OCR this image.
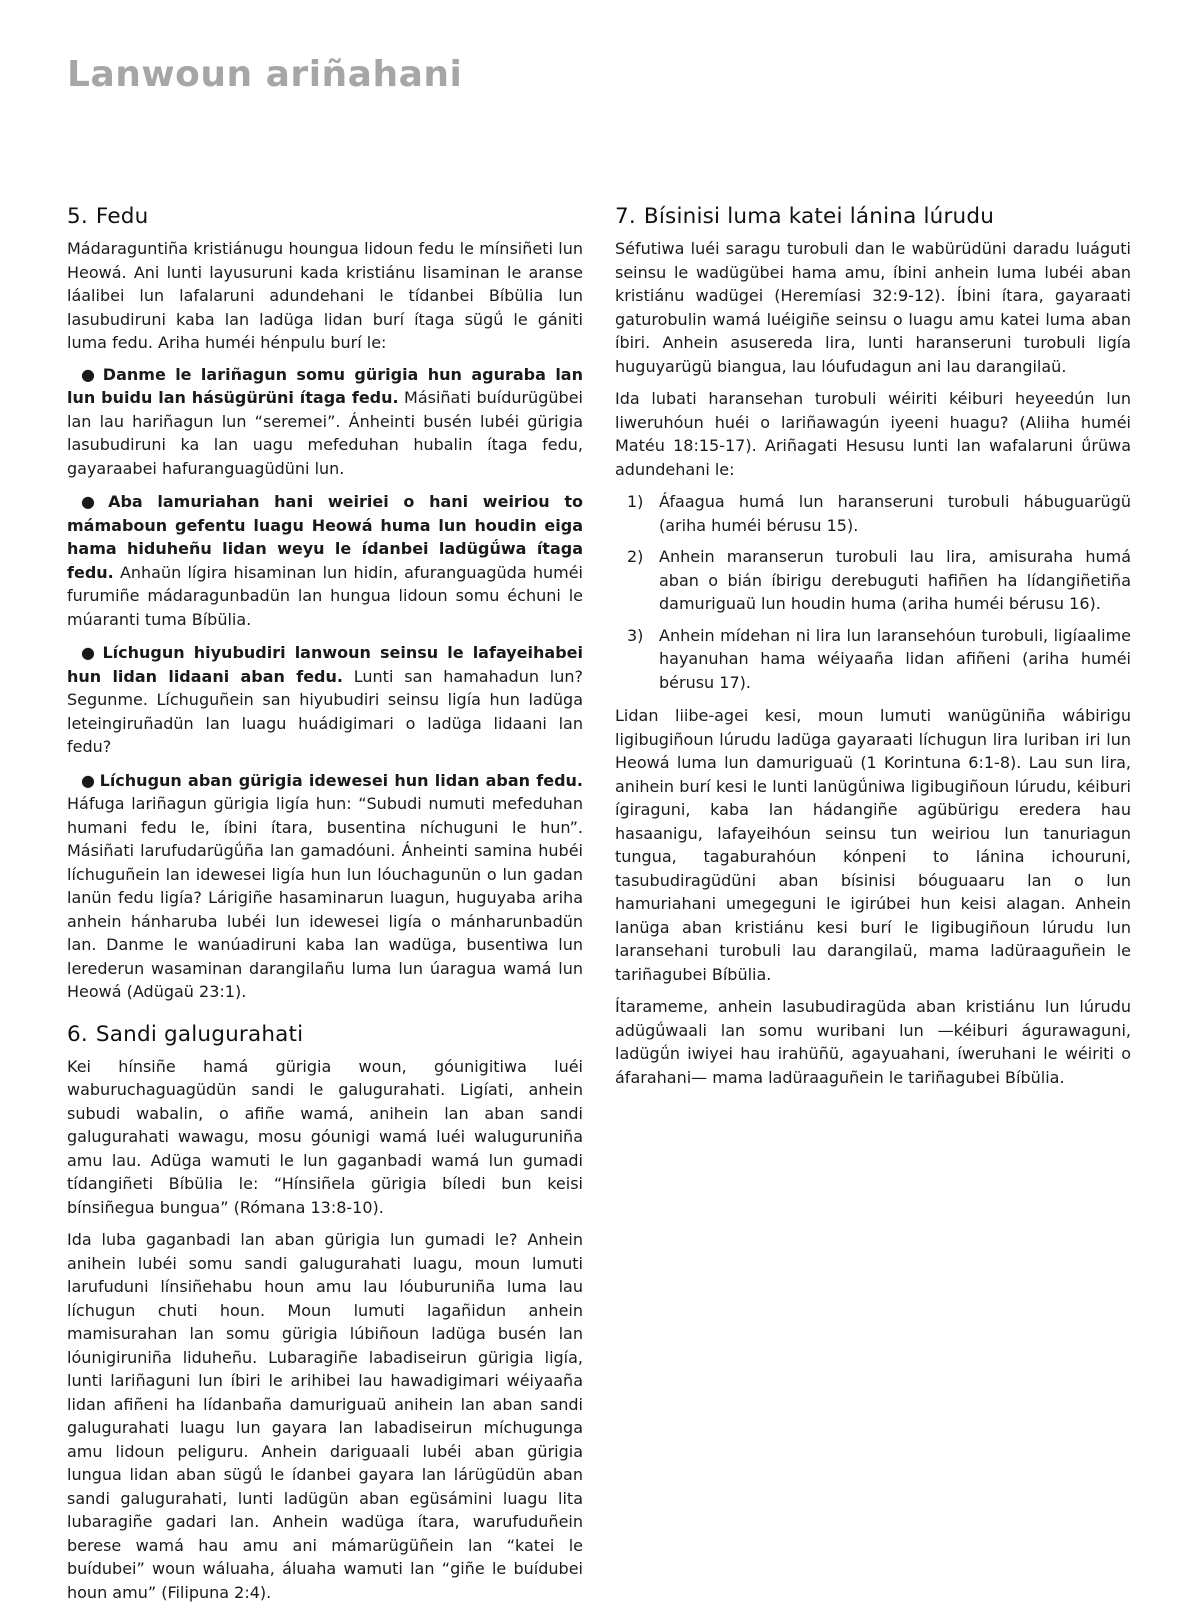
Lanwoun ariñahani
5. Fedu

Mádaraguntiña kristiánugu houngua lidoun fedu le mínsiñeti lun Heowá. Ani lunti layusuruni kada kristiánu lisaminan le aranse láalibei lun lafalaruni adundehani le tídanbei Bíbülia lun lasubudiruni kaba lan ladüga lidan burí ítaga sügǘ le gániti luma fedu. Ariha huméi hénpulu burí le:

● Danme le lariñagun somu gürigia hun aguraba lan lun buidu lan hásügürüni ítaga fedu. Másiñati buídurügübei lan lau hariñagun lun “seremei”. Ánheinti busén lubéi gürigia lasubudiruni ka lan uagu mefeduhan hubalin ítaga fedu, gayaraabei hafuranguagüdüni lun.
● Aba lamuriahan hani weiriei o hani weiriou to mámaboun gefentu luagu Heowá huma lun houdin eiga hama hiduheñu lidan weyu le ídanbei ladügǘwa ítaga fedu. Anhaün lígira hisaminan lun hidin, afuranguagüda huméi furumiñe mádaragunbadün lan hungua lidoun somu échuni le múaranti tuma Bíbülia.
● Líchugun hiyubudiri lanwoun seinsu le lafayeihabei hun lidan lidaani aban fedu. Lunti san hamahadun lun? Segunme. Líchuguñein san hiyubudiri seinsu ligía hun ladüga leteingiruñadün lan luagu huádigimari o ladüga lidaani lan fedu?
● Líchugun aban gürigia idewesei hun lidan aban fedu. Háfuga lariñagun gürigia ligía hun: “Subudi numuti mefeduhan humani fedu le, íbini ítara, busentina níchuguni le hun”. Másiñati larufudarügǘña lan gamadóuni. Ánheinti samina hubéi líchuguñein lan idewesei ligía hun lun lóuchagunün o lun gadan lanün fedu ligía? Lárigiñe hasaminarun luagun, huguyaba ariha anhein hánharuba lubéi lun idewesei ligía o mánharunbadün lan. Danme le wanúadiruni kaba lan wadüga, busentiwa lun lerederun wasaminan darangilañu luma lun úaragua wamá lun Heowá (Adügaü 23:1).
6. Sandi galugurahati

Kei hínsiñe hamá gürigia woun, góunigitiwa luéi waburuchaguagüdün sandi le galugurahati. Ligíati, anhein subudi wabalin, o afiñe wamá, anihein lan aban sandi galugurahati wawagu, mosu góunigi wamá luéi waluguruniña amu lau. Adüga wamuti le lun gaganbadi wamá lun gumadi tídangiñeti Bíbülia le: “Hínsiñela gürigia bíledi bun keisi bínsiñegua bungua” (Rómana 13:8-10).

Ida luba gaganbadi lan aban gürigia lun gumadi le? Anhein anihein lubéi somu sandi galugurahati luagu, moun lumuti larufuduni línsiñehabu houn amu lau lóuburuniña luma lau líchugun chuti houn. Moun lumuti lagañidun anhein mamisurahan lan somu gürigia lúbiñoun ladüga busén lan lóunigiruniña liduheñu. Lubaragiñe labadiseirun gürigia ligía, lunti lariñaguni lun íbiri le arihibei lau hawadigimari wéiyaaña lidan afiñeni ha lídanbaña damuriguaü anihein lan aban sandi galugurahati luagu lun gayara lan labadiseirun míchugunga amu lidoun peliguru. Anhein dariguaali lubéi aban gürigia lungua lidan aban sügǘ le ídanbei gayara lan lárügüdün aban sandi galugurahati, lunti ladügün aban egüsámini luagu lita lubaragiñe gadari lan. Anhein wadüga ítara, warufuduñein berese wamá hau amu ani mámarügüñein lan “katei le buídubei” woun wáluaha, áluaha wamuti lan “giñe le buídubei houn amu” (Filipuna 2:4).

7. Bísinisi luma katei lánina lúrudu

Séfutiwa luéi saragu turobuli dan le wabürüdüni daradu luáguti seinsu le wadügübei hama amu, íbini anhein luma lubéi aban kristiánu wadügei (Heremíasi 32:9-12). Íbini ítara, gayaraati gaturobulin wamá luéigiñe seinsu o luagu amu katei luma aban íbiri. Anhein asusereda lira, lunti haranseruni turobuli ligía huguyarügü biangua, lau lóufudagun ani lau darangilaü.

Ida lubati haransehan turobuli wéiriti kéiburi heyeedún lun liweruhóun huéi o lariñawagún iyeeni huagu? (Aliiha huméi Matéu 18:15-17). Ariñagati Hesusu lunti lan wafalaruni ǘrüwa adundehani le:

1) Áfaagua humá lun haranseruni turobuli hábuguarügü (ariha huméi bérusu 15).
2) Anhein maranserun turobuli lau lira, amisuraha humá aban o bián íbirigu derebuguti hafiñen ha lídangiñetiña damuriguaü lun houdin huma (ariha huméi bérusu 16).
3) Anhein mídehan ni lira lun laransehóun turobuli, ligíaalime hayanuhan hama wéiyaaña lidan afiñeni (ariha huméi bérusu 17).

Lidan liibe-agei kesi, moun lumuti wanügüniña wábirigu ligibugiñoun lúrudu ladüga gayaraati líchugun lira luriban iri lun Heowá luma lun damuriguaü (1 Korintuna 6:1-8). Lau sun lira, anihein burí kesi le lunti lanügǘniwa ligibugiñoun lúrudu, kéiburi ígiraguni, kaba lan hádangiñe agübürigu eredera hau hasaanigu, lafayeihóun seinsu tun weiriou lun tanuriagun tungua, tagaburahóun kónpeni to lánina ichouruni, tasubudiragüdüni aban bísinisi bóuguaaru lan o lun hamuriahani umegeguni le igirúbei hun keisi alagan. Anhein lanüga aban kristiánu kesi burí le ligibugiñoun lúrudu lun laransehani turobuli lau darangilaü, mama ladüraaguñein le tariñagubei Bíbülia.

Ítarameme, anhein lasubudiragüda aban kristiánu lun lúrudu adügǘwaali lan somu wuribani lun —kéiburi águrawaguni, ladügǘn iwiyei hau irahüñü, agayuahani, íweruhani le wéiriti o áfarahani— mama ladüraaguñein le tariñagubei Bíbülia.
